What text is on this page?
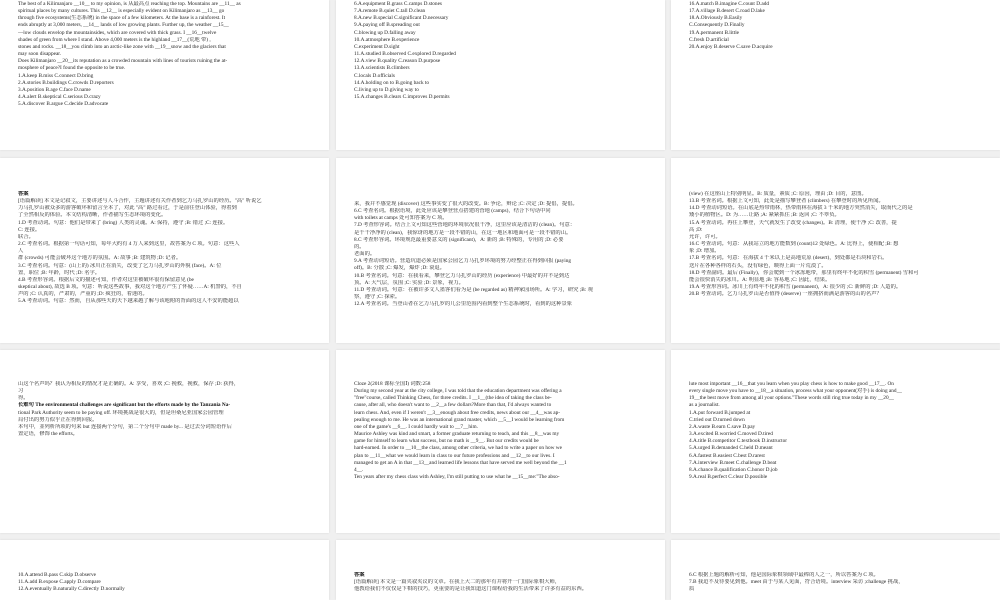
The best of a Kilimanjaro __10__ to my opinion, is 从最高点 reaching the top. Mountains are __11__ as
spiritual places by many cultures. This __12__ is especially evident on Kilimanjaro as __13__ go
through five ecosystems(生态系统) in the space of a few kilometers. At the base is a rainforest. It
ends abruptly at 3,000 meters, __14__ lands of low growing plants. Further up, the weather __15__
—low clouds envelop the mountainsides, which are covered with thick grass. I __16__twelve
shades of green from where I stand. Above 4,000 meters is the highland __17__(荒地 带) ,
stones and rocks. __18__you climb into an arctic-like zone with __19__snow and the glaciers that
may soon disappear.
Does Kilimanjaro __20__its reputation as a crowded mountain with lines of tourists ruining the at-
mosphere of peace?I found the opposite to be true.
1.A.keep B.miss C.connect D.bring
2.A.stories B.buildings C.crowds D.reporters
3.A.position B.age C.face D.name
4.A.alert B.skeptical C.serious D.crazy
5.A.discover B.argue C.decide D.advocate
6.A.equipment B.grass C.camps D.stones
7.A.remote B.quiet C.tall D.clean
8.A.new B.special C.significant D.necessary
9.A.paying off B.spreading out
C.blowing up D.falling away
10.A.atmosphere B.experience
C.experiment D.sight
11.A.studied B.observed C.explored D.regarded
12.A.view B.quality C.reason D.purpose
13.A.scientists B.climbers
C.locals D.officials
14.A.holding on to B.going back to
C.living up to D.giving way to
15.A.changes B.clears C.improves D.permits
16.A.match B.imagine C.count D.add
17.A.village B.desert C.road D.lake
18.A.Obviously B.Easily
C.Consequently D.Finally
19.A.permanent B.little
C.fresh D.artificial
20.A.enjoy B.deserve C.save D.acquire
答案
[语篇解读] 本文是记叙文，主要讲述与人斗合作，主题讲述有关作者到乞力马扎罗山的经历。"高" 听说乞
力马扎罗山被众多的游客破坏和留言全本了，对此 "高" 路过看过，于是前往登山体验，得着到
了全然相反的体验。本文结构清晰，作者描写生态环境的变化。
1.D 考查动词。句意：他们是带来了 (bring) 人类的灵魂。A: 保持，遵守 ;B: 错过 ;C: 连接。
C: 连接。
联合。
2.C 考查名词。根据第一句话可知，每年大约有 4 万人来到这里，故答案为 C 项。句意：这些人
人
群 (crowds) 可能会破坏这个地方的氛围。A: 故事 ;B: 建筑物 ;D: 记者。
3.C 考查名词。句意：(山上的) 冰川正在消失，改变了乞力马扎罗山的外貌 (face)。A: 位
置，职位 ;B: 年龄，时代 ;D: 名字。
4.B 考查形容词。根据后文的描述可知，作者对这里被破坏很有保留意见 (be
skeptical about), 故选 B 项。句意：听说这些故事，我对这个地方产生了怀疑……A: 机警的，不自
声的 ;C: 认真的，严肃的，严重的 ;D: 疯狂的，着迷的。
5.A 考查动词。句意：然而，自从那些天的天下越来越了解与该地附的背面的这人不安的能超以
来，我并不感觉现 (discover) 这些事实变了很大的改变。B: 争论，辩论 ;C: 决定 ;D: 提倡，提倡。
6.C 考查名词。根据语境，此处应该是攀登营点搭建的营地 (camps)，结合下句话中同
with toilets at camps 处可知答案为 C 项。
7.D 考查形容词。结合上文可知这些营地的环境状况很干净，这里应该是清洁的 (clean)。句意：
是干干净净的 (clean)，我惊讶的地方是一段不错的山，在这一地区和地面可是一段不错的山。
8.C 考查形容词。环境规范最重要意义的 (significant)，A: 新的 ;B: 特殊的，专用的 ;D: 必要
的。
老面的。
9.A 考查动词短语。营造坑道必须是国家公园乞力马扎罗环境的努力经整正在得到回报 (paying
off)。B: 分散 ;C: 爆发，爆炸 ;D: 衰退。
10.B 考查名词。句意：在我看来，攀登乞力马扎罗山的经历 (experience) 中最好的并不是到达
顶。A: 大气层，氛围 ;C: 实验 ;D: 景象，视力。
11.D 考查动词。句意：在被许多文人墨客们看为是 (be regarded as) 精神家园场所。A: 学习，研究 ;B: 观
察，遵守 ;C: 探索。
12.A 考查名词。当登山者在乞力马扎罗的几公里范围内看到整个生态系统时，看到的这种景象
(view) 在这座山上特别明显。B: 质量，素质 ;C: 原因，理由 ;D: 目的，意图。
13.B 考查名词。根据上文可知，此处是描写攀登者 (climbers) 在攀登时的所见所闻。
14.D 考查动词短语。在山底是热带雨林，热带雨林在海拔 3 千米的地方突然消失，取而代之的是
矮小的植物区。D: 为……让路 ;A: 紧紧抓住 ;B: 返回 ;C: 不辜负。
15.A 考查动词。再往上攀登，天气就发生了改变 (changes)。B: 清理，使干净 ;C: 改善，提
高 ;D:
允许，许可。
16.C 考查动词。句意：从我站立的地方能数到 (count)12 处绿色。A: 比得上，使相配 ;B: 想
象 ;D: 增加。
17.B 考查名词。句意：在海拔 4 千米以上是高地荒原 (desert)，到处都是石块和岩石。
送片在各种各样的石头，没有绿色，映得上面一片荒漠了。
18.D 考查副词。最后 (Finally)，你会爬到一个冰冻地带，那里有终年不化的积雪 (permanent) 雪和可
能会很快消失的冰川。A: 明显地 ;B: 容易地 ;C: 因此，结果。
19.A 考查形容词。冰川上有终年不化的积雪 (permanent)，A: 很少的 ;C: 新鲜的 ;D: 人造的。
20.B 考查动词。乞力马扎罗山是否值得 (deserve) 一座拥挤而满是游客的山的名声？
山这个名声吗？我认为相反的情况才是正确的。A: 享受，喜欢 ;C: 挽救，挽救，保存 ;D: 获得，
习
得。
长难句 The environmental challenges are significant but the efforts made by the Tanzania Na-
tional Park Authority seem to be paying off. 环境挑战是很大的，但是坦桑尼亚国家公园管理
局付出的努力似乎正在得到回报。
本句中，並列析所项的句来 but 连接两个分句，第二个分句中 made by... 是过去分词短语作后
置定语，修饰 the efforts。
Cloze 2(2018 课标全国Ⅰ) 词数:258
During my second year at the city college, I was told that the education department was offering a
"free"course, called Thinking Chess, for three credits. I __1__(the idea of taking the class be-
cause, after all, who doesn't want to __2__a few dollars?More than that, I'd always wanted to
learn chess. And, even if I weren't __3__enough about free credits, news about our __4__was ap-
pealing enough to me. He was an international grand master, which __5__I would be learning from
one of the game's __6__. I could hardly wait to __7__him.
Maurice Ashley was kind and smart, a former graduate returning to teach, and this __8__was my
game for himself to learn what success, but no math is __9__. But our credits would be
hard-earned. In order to __10__the class, among other criteria, we had to write a paper on how we
plan to __11__what we would learn in class to our future professions and __12__to our lives. I
managed to get an A in that __13__and learned life lessons that have served me well beyond the __1
4__.
Ten years after my chess class with Ashley, I'm still putting to use what he __15__me:"The abso-
lute most important __16__that you learn when you play chess is how to make good __17__. On
every single move you have to __18__a situation, process what your opponent(对手) is doing and__
19__the best move from among all your options."These words still ring true today in my __20__
as a journalist.
1.A.put forward B.jumped at
C.tried out D.turned down
2.A.waste B.earn C.save D.pay
3.A.excited B.worried C.moved D.tired
4.A.title B.competitor C.textbook D.instructor
5.A.urged B.demanded C.held D.meant
6.A.fastest B.easiest C.best D.rarest
7.A.interview B.meet C.challenge D.beat
8.A.chance B.qualification C.honor D.job
9.A.real B.perfect C.clear D.possible
10.A.attend B.pass C.skip D.observe
11.A.add B.expose C.apply D.compare
12.A.eventually B.naturally C.directly D.normally
答案
[语篇解读] 本文是一篇夹叙夹议的文章。在我上大二的那年有并将开一门国际象棋大师，
他教给我们不仅仅是下棋的技巧，更重要的是让我知道这门课程给我的生活带来了许多有益的东西。
6.C 根据上题的解析可知，他是国际象棋领域中最棒的人之一，所以答案为 C 项。
7.B 我迫不及待要见到他。meet 由于与某人见面，符合语境。interview 采访 ;challenge 挑战，
质
